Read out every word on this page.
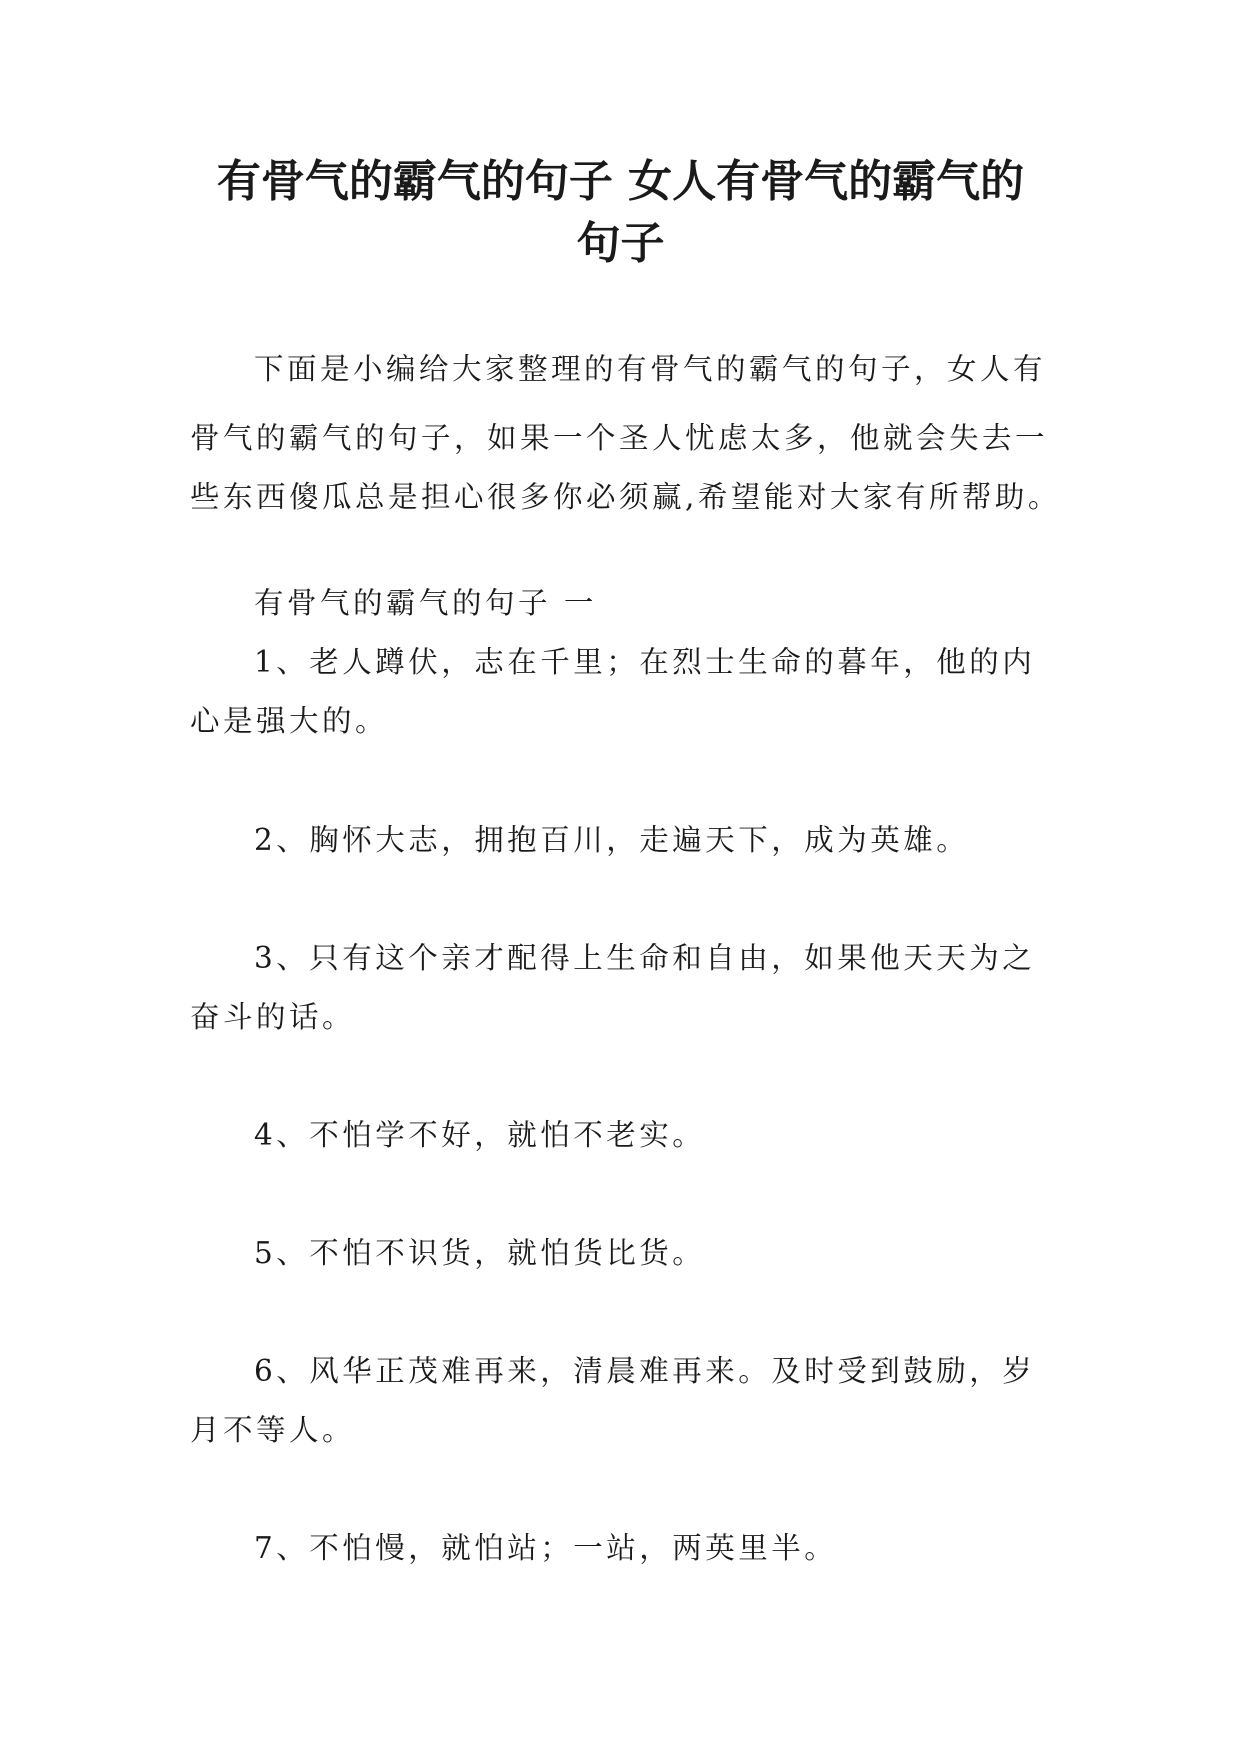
有骨气的霸气的句子 女人有骨气的霸气的
句子

下面是小编给大家整理的有骨气的霸气的句子，女人有

骨气的霸气的句子，如果一个圣人忧虑太多，他就会失去一

些东西傻瓜总是担心很多你必须赢,希望能对大家有所帮助。

有骨气的霸气的句子 一

1、老人蹲伏，志在千里；在烈士生命的暮年，他的内

心是强大的。

2、胸怀大志，拥抱百川，走遍天下，成为英雄。

3、只有这个亲才配得上生命和自由，如果他天天为之

奋斗的话。

4、不怕学不好，就怕不老实。

5、不怕不识货，就怕货比货。

6、风华正茂难再来，清晨难再来。及时受到鼓励，岁

月不等人。

7、不怕慢，就怕站；一站，两英里半。
